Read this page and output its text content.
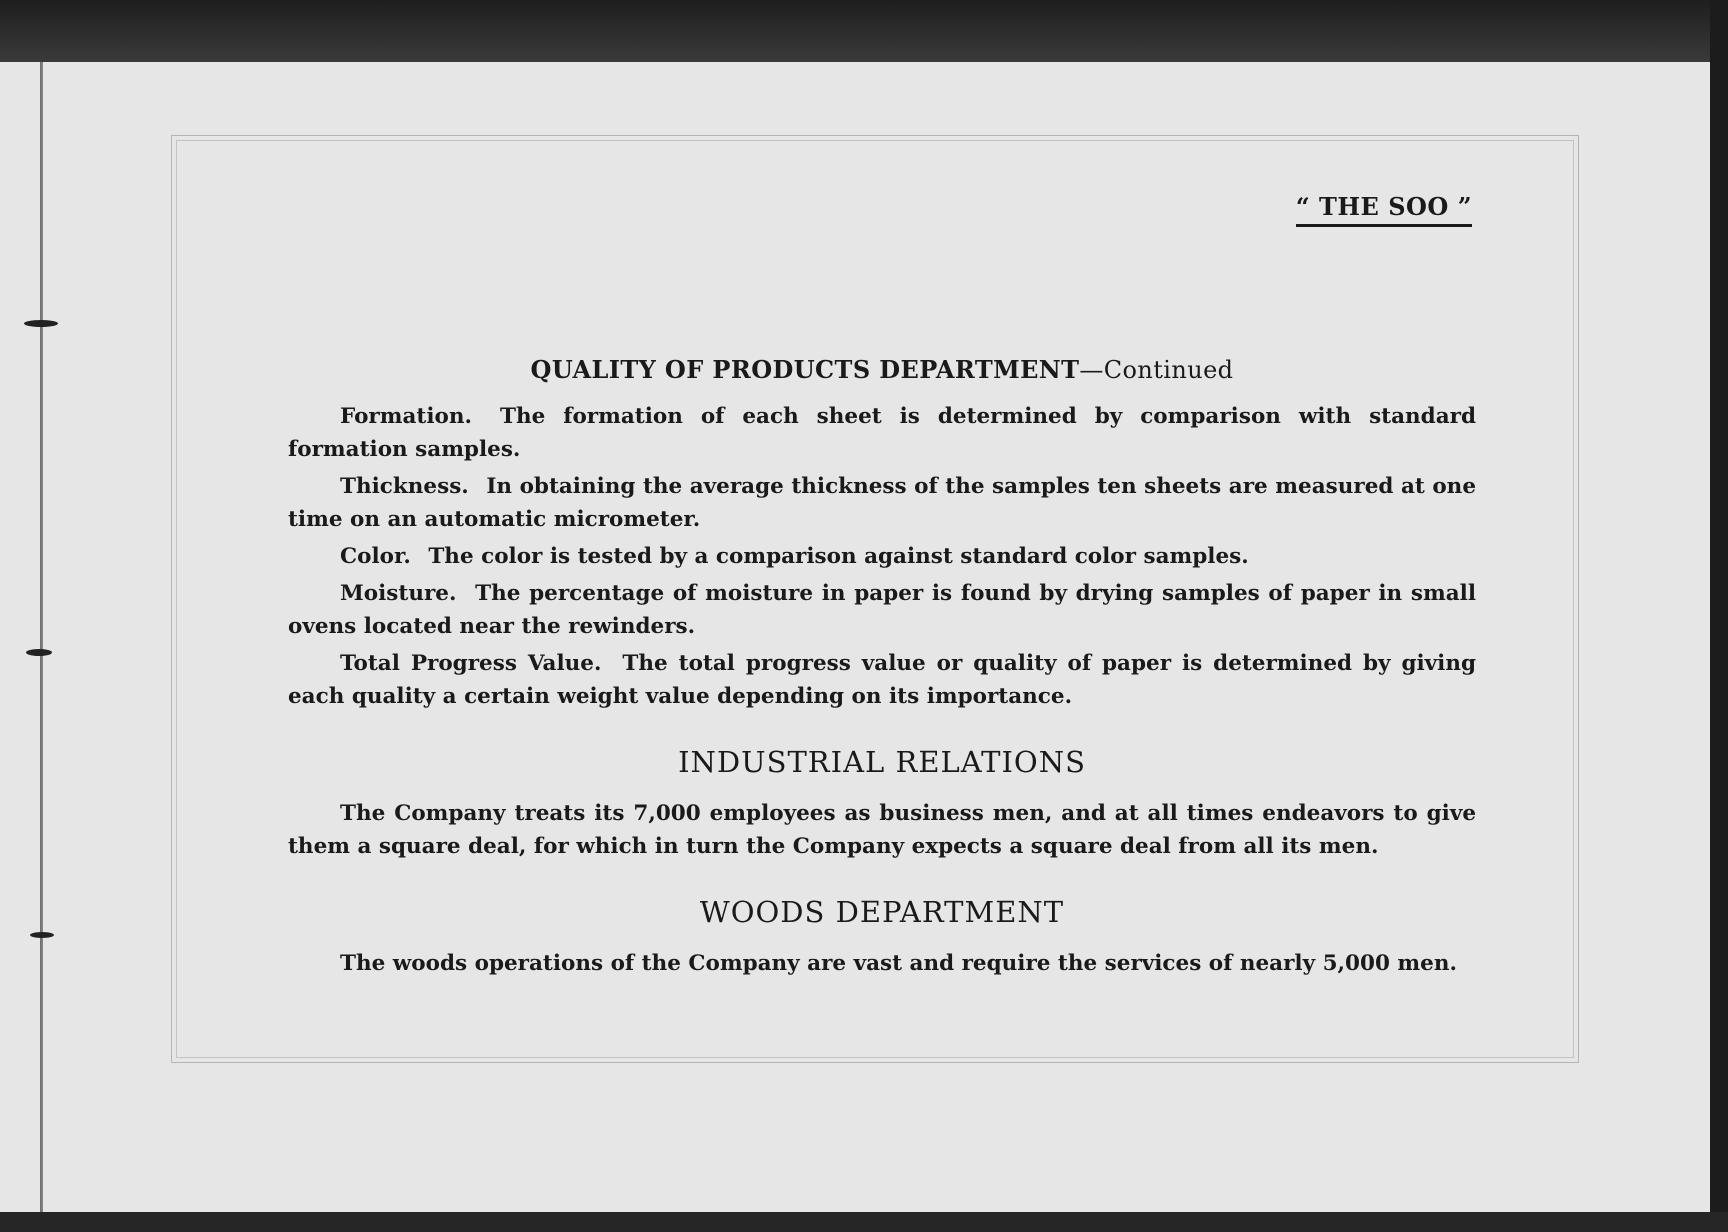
“ THE SOO ”
QUALITY OF PRODUCTS DEPARTMENT—Continued

Formation. The formation of each sheet is determined by comparison with standard formation samples.

Thickness. In obtaining the average thickness of the samples ten sheets are measured at one time on an automatic micrometer.

Color. The color is tested by a comparison against standard color samples.

Moisture. The percentage of moisture in paper is found by drying samples of paper in small ovens located near the rewinders.

Total Progress Value. The total progress value or quality of paper is determined by giving each quality a certain weight value depending on its importance.

INDUSTRIAL RELATIONS

The Company treats its 7,000 employees as business men, and at all times endeavors to give them a square deal, for which in turn the Company expects a square deal from all its men.

WOODS DEPARTMENT

The woods operations of the Company are vast and require the services of nearly 5,000 men.
